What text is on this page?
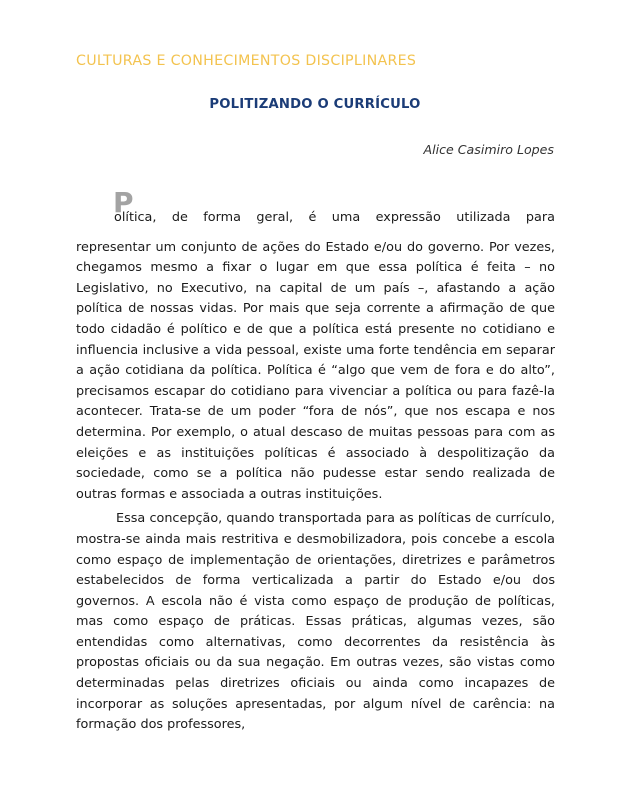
CULTURAS E CONHECIMENTOS DISCIPLINARES
POLITIZANDO O CURRÍCULO
Alice Casimiro Lopes

P
olítica, de forma geral, é uma expressão utilizada para

representar um conjunto de ações do Estado e/ou do governo. Por vezes, chegamos mesmo a fixar o lugar em que essa política é feita – no Legislativo, no Executivo, na capital de um país –, afastando a ação política de nossas vidas. Por mais que seja corrente a afirmação de que todo cidadão é político e de que a política está presente no cotidiano e influencia inclusive a vida pessoal, existe uma forte tendência em separar a ação cotidiana da política. Política é “algo que vem de fora e do alto”, precisamos escapar do cotidiano para vivenciar a política ou para fazê-la acontecer. Trata-se de um poder “fora de nós”, que nos escapa e nos determina. Por exemplo, o atual descaso de muitas pessoas para com as eleições e as instituições políticas é associado à despolitização da sociedade, como se a política não pudesse estar sendo realizada de outras formas e associada a outras instituições.

Essa concepção, quando transportada para as políticas de currículo, mostra-se ainda mais restritiva e desmobilizadora, pois concebe a escola como espaço de implementação de orientações, diretrizes e parâmetros estabelecidos de forma verticalizada a partir do Estado e/ou dos governos. A escola não é vista como espaço de produção de políticas, mas como espaço de práticas. Essas práticas, algumas vezes, são entendidas como alternativas, como decorrentes da resistência às propostas oficiais ou da sua negação. Em outras vezes, são vistas como determinadas pelas diretrizes oficiais ou ainda como incapazes de incorporar as soluções apresentadas, por algum nível de carência: na formação dos professores,
